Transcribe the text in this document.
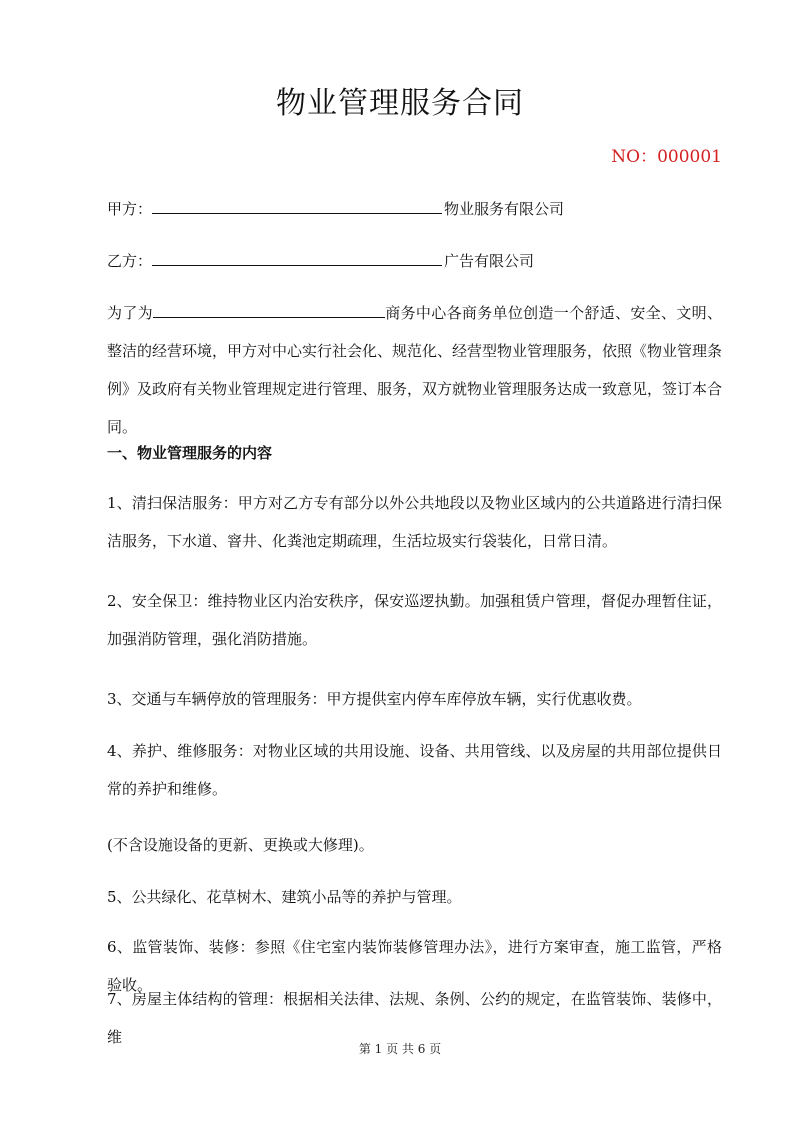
物业管理服务合同
NO：000001
甲方：	物业服务有限公司
乙方：	广告有限公司

为了为	商务中心各商务单位创造一个舒适、安全、文明、整洁的经营环境，甲方对中心实行社会化、规范化、经营型物业管理服务，依照《物业管理条例》及政府有关物业管理规定进行管理、服务，双方就物业管理服务达成一致意见，签订本合同。

一、物业管理服务的内容

1、清扫保洁服务：甲方对乙方专有部分以外公共地段以及物业区域内的公共道路进行清扫保洁服务，下水道、窨井、化粪池定期疏理，生活垃圾实行袋装化，日常日清。

2、安全保卫：维持物业区内治安秩序，保安巡逻执勤。加强租赁户管理，督促办理暂住证，加强消防管理，强化消防措施。

3、交通与车辆停放的管理服务：甲方提供室内停车库停放车辆，实行优惠收费。

4、养护、维修服务：对物业区域的共用设施、设备、共用管线、以及房屋的共用部位提供日常的养护和维修。

(不含设施设备的更新、更换或大修理)。

5、公共绿化、花草树木、建筑小品等的养护与管理。

6、监管装饰、装修：参照《住宅室内装饰装修管理办法》，进行方案审查，施工监管，严格验收。

7、房屋主体结构的管理：根据相关法律、法规、条例、公约的规定，在监管装饰、装修中，维

第 1 页 共 6 页
